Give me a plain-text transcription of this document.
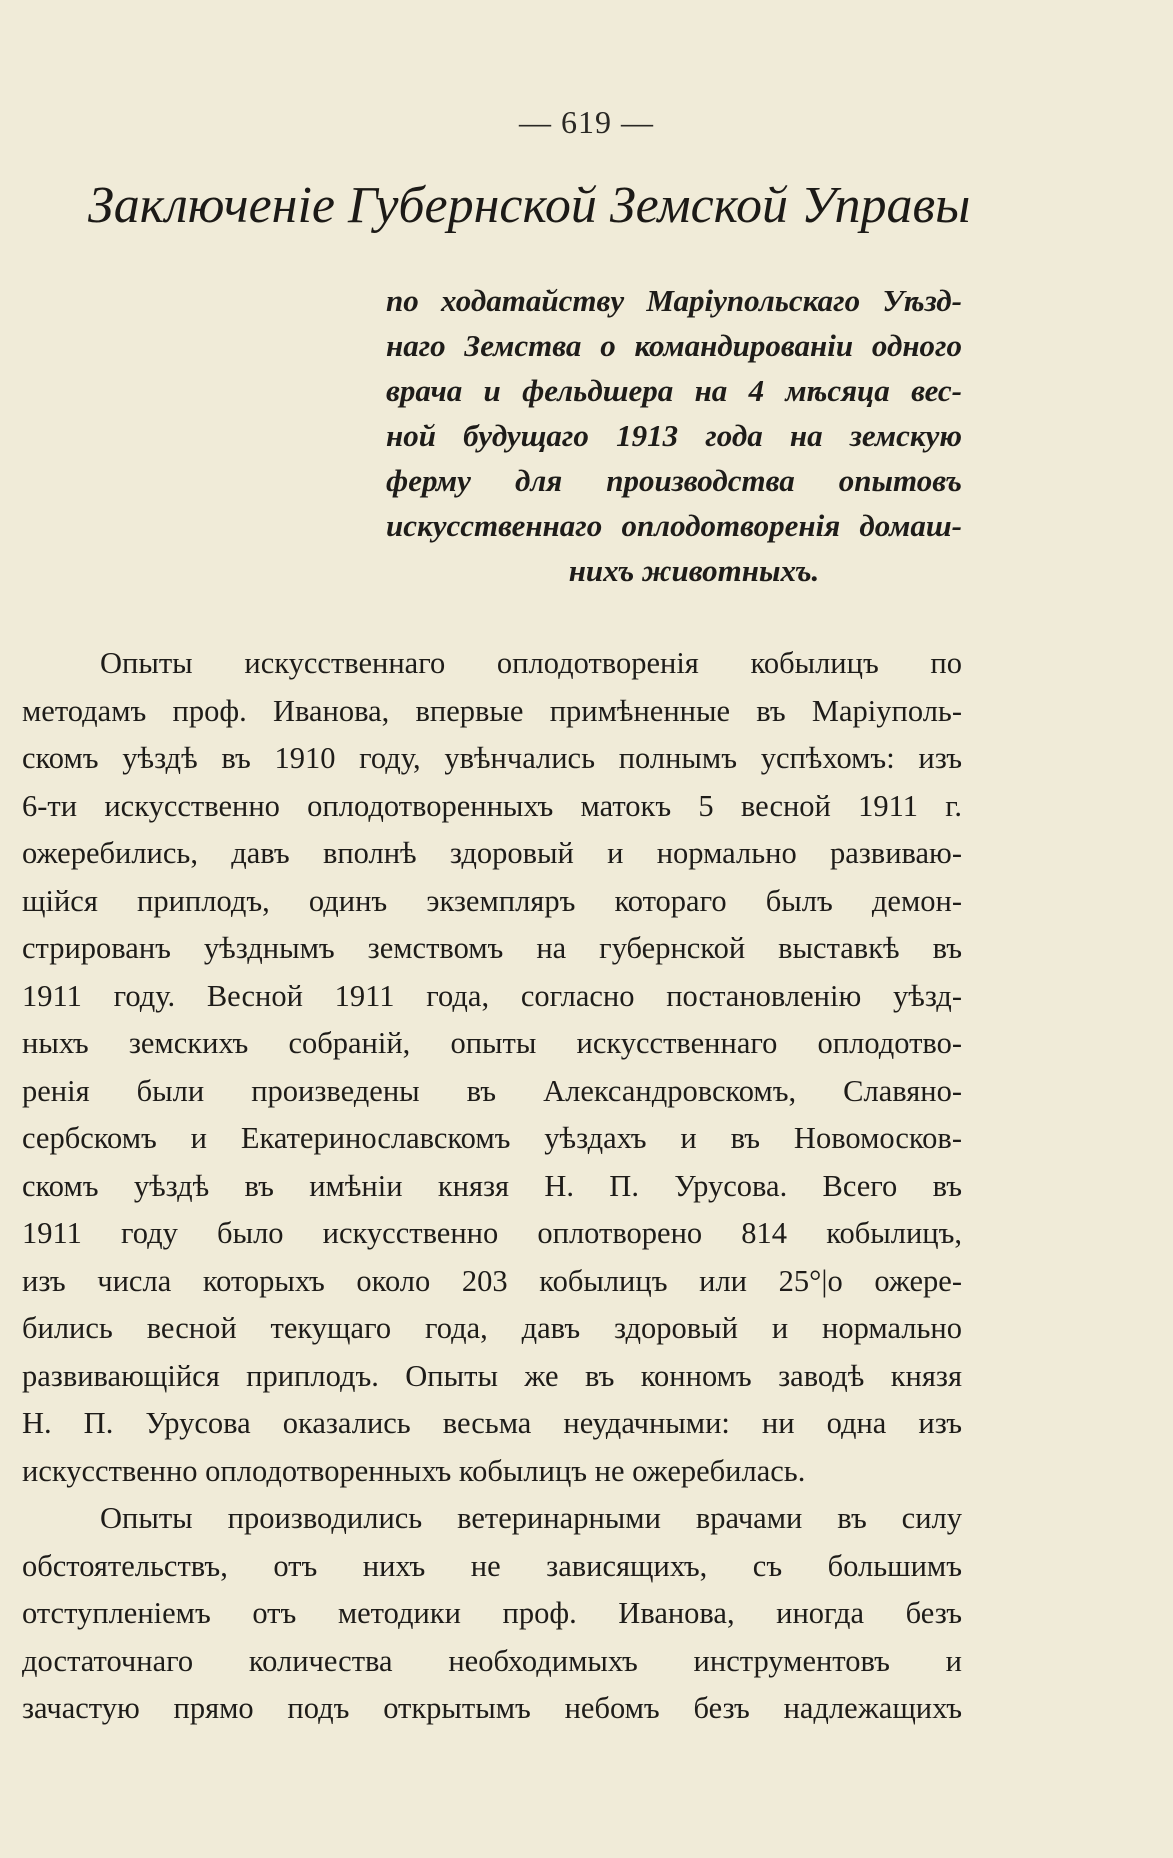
— 619 —
Заключенiе Губернской Земской Управы
по ходатайству Марiупольскаго Уѣзд-
наго Земства о командированiи одного
врача и фельдшера на 4 мѣсяца вес-
ной будущаго 1913 года на земскую
ферму для производства опытовъ
искусственнаго оплодотворенiя домаш-
нихъ животныхъ.
Опыты искусственнаго оплодотворенiя кобылицъ по
методамъ проф. Иванова, впервые примѣненные въ Марiуполь-
скомъ уѣздѣ въ 1910 году, увѣнчались полнымъ успѣхомъ: изъ
6-ти искусственно оплодотворенныхъ матокъ 5 весной 1911 г.
ожеребились, давъ вполнѣ здоровый и нормально развиваю-
щiйся приплодъ, одинъ экземпляръ котораго былъ демон-
стрированъ уѣзднымъ земствомъ на губернской выставкѣ въ
1911 году. Весной 1911 года, согласно постановленiю уѣзд-
ныхъ земскихъ собранiй, опыты искусственнаго оплодотво-
ренiя были произведены въ Александровскомъ, Славяно-
сербскомъ и Екатеринославскомъ уѣздахъ и въ Новомосков-
скомъ уѣздѣ въ имѣнiи князя Н. П. Урусова. Всего въ
1911 году было искусственно оплотворено 814 кобылицъ,
изъ числа которыхъ около 203 кобылицъ или 25°|о ожере-
бились весной текущаго года, давъ здоровый и нормально
развивающiйся приплодъ. Опыты же въ конномъ заводѣ князя
Н. П. Урусова оказались весьма неудачными: ни одна изъ
искусственно оплодотворенныхъ кобылицъ не ожеребилась.
Опыты производились ветеринарными врачами въ силу
обстоятельствъ, отъ нихъ не зависящихъ, съ большимъ
отступленiемъ отъ методики проф. Иванова, иногда безъ
достаточнаго количества необходимыхъ инструментовъ и
зачастую прямо подъ открытымъ небомъ безъ надлежащихъ
